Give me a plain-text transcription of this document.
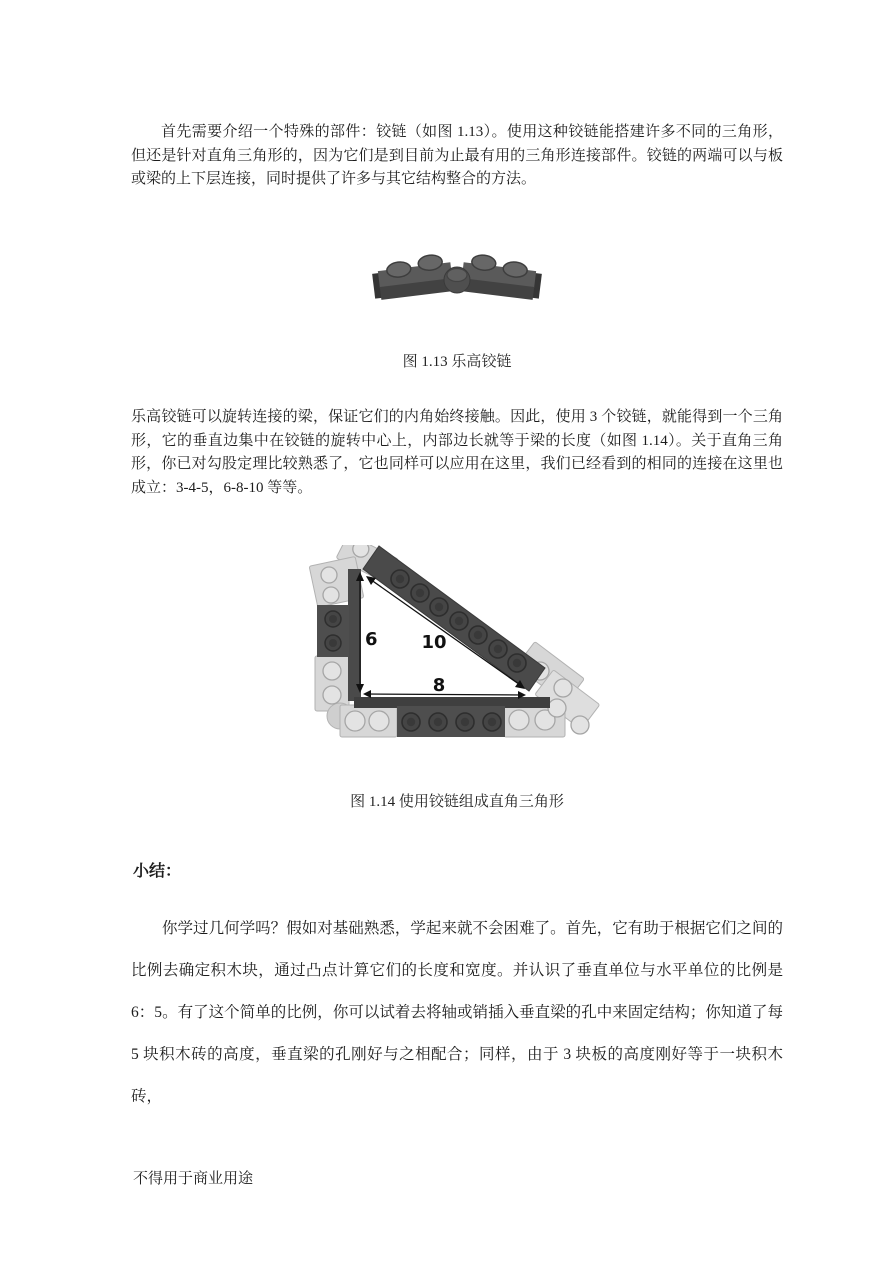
首先需要介绍一个特殊的部件：铰链（如图 1.13）。使用这种铰链能搭建许多不同的三角形，但还是针对直角三角形的，因为它们是到目前为止最有用的三角形连接部件。铰链的两端可以与板或梁的上下层连接，同时提供了许多与其它结构整合的方法。

图 1.13 乐高铰链

乐高铰链可以旋转连接的梁，保证它们的内角始终接触。因此，使用 3 个铰链，就能得到一个三角形，它的垂直边集中在铰链的旋转中心上，内部边长就等于梁的长度（如图 1.14）。关于直角三角形，你已对勾股定理比较熟悉了，它也同样可以应用在这里，我们已经看到的相同的连接在这里也成立：3-4-5，6-8-10 等等。

6 10
8

图 1.14 使用铰链组成直角三角形

小结：

你学过几何学吗？假如对基础熟悉，学起来就不会困难了。首先，它有助于根据它们之间的比例去确定积木块，通过凸点计算它们的长度和宽度。并认识了垂直单位与水平单位的比例是 6：5。有了这个简单的比例，你可以试着去将轴或销插入垂直梁的孔中来固定结构；你知道了每 5 块积木砖的高度，垂直梁的孔刚好与之相配合；同样，由于 3 块板的高度刚好等于一块积木砖，

不得用于商业用途
